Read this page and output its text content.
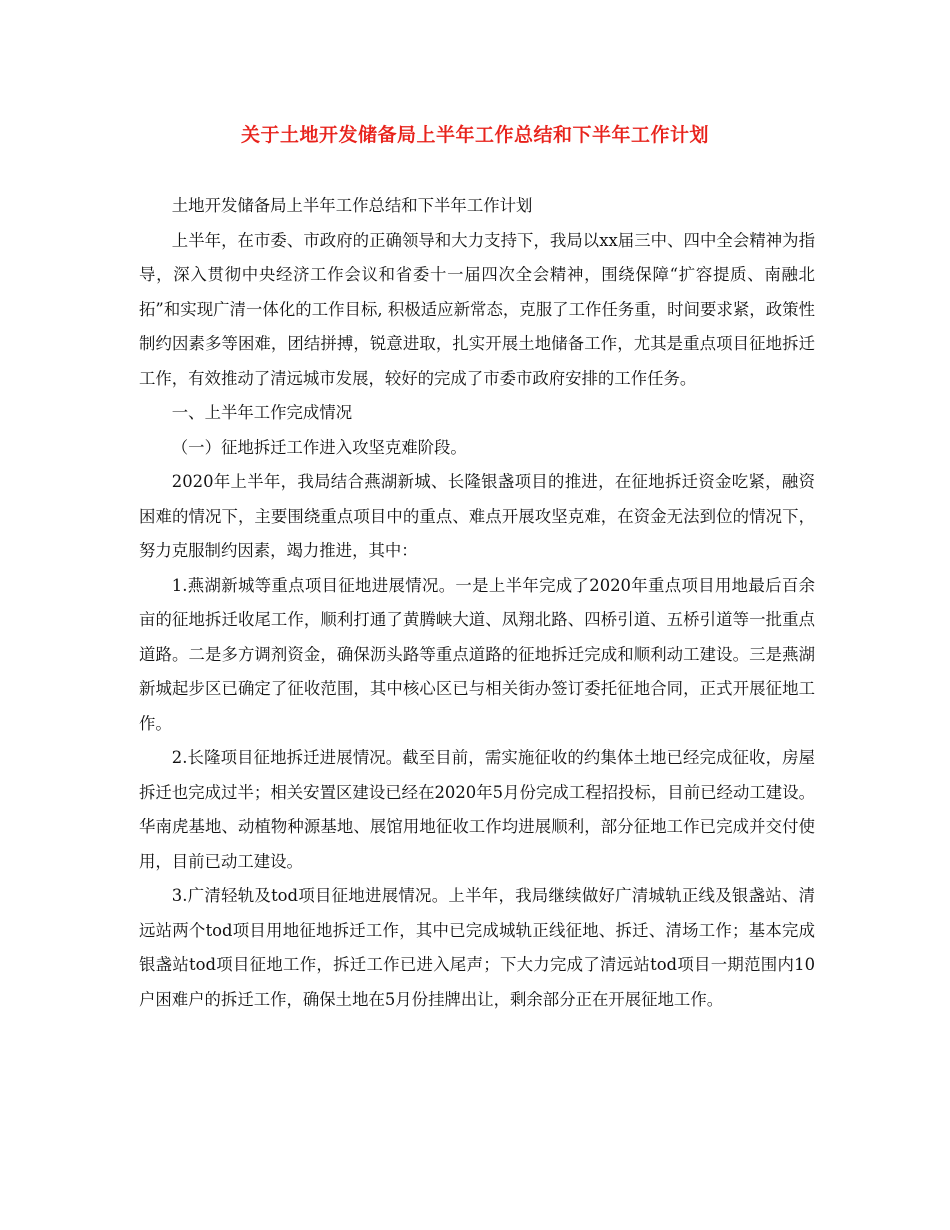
关于土地开发储备局上半年工作总结和下半年工作计划

土地开发储备局上半年工作总结和下半年工作计划

上半年，在市委、市政府的正确领导和大力支持下，我局以xx届三中、四中全会精神为指导，深入贯彻中央经济工作会议和省委十一届四次全会精神，围绕保障“扩容提质、南融北拓”和实现广清一体化的工作目标, 积极适应新常态，克服了工作任务重，时间要求紧，政策性制约因素多等困难，团结拼搏，锐意进取，扎实开展土地储备工作，尤其是重点项目征地拆迁工作，有效推动了清远城市发展，较好的完成了市委市政府安排的工作任务。

一、上半年工作完成情况

（一）征地拆迁工作进入攻坚克难阶段。

2020年上半年，我局结合燕湖新城、长隆银盏项目的推进，在征地拆迁资金吃紧，融资困难的情况下，主要围绕重点项目中的重点、难点开展攻坚克难，在资金无法到位的情况下，努力克服制约因素，竭力推进，其中：

1.燕湖新城等重点项目征地进展情况。一是上半年完成了2020年重点项目用地最后百余亩的征地拆迁收尾工作，顺利打通了黄腾峡大道、凤翔北路、四桥引道、五桥引道等一批重点道路。二是多方调剂资金，确保沥头路等重点道路的征地拆迁完成和顺利动工建设。三是燕湖新城起步区已确定了征收范围，其中核心区已与相关街办签订委托征地合同，正式开展征地工作。

2.长隆项目征地拆迁进展情况。截至目前，需实施征收的约集体土地已经完成征收，房屋拆迁也完成过半；相关安置区建设已经在2020年5月份完成工程招投标，目前已经动工建设。华南虎基地、动植物种源基地、展馆用地征收工作均进展顺利，部分征地工作已完成并交付使用，目前已动工建设。

3.广清轻轨及tod项目征地进展情况。上半年，我局继续做好广清城轨正线及银盏站、清远站两个tod项目用地征地拆迁工作，其中已完成城轨正线征地、拆迁、清场工作；基本完成银盏站tod项目征地工作，拆迁工作已进入尾声；下大力完成了清远站tod项目一期范围内10户困难户的拆迁工作，确保土地在5月份挂牌出让，剩余部分正在开展征地工作。
